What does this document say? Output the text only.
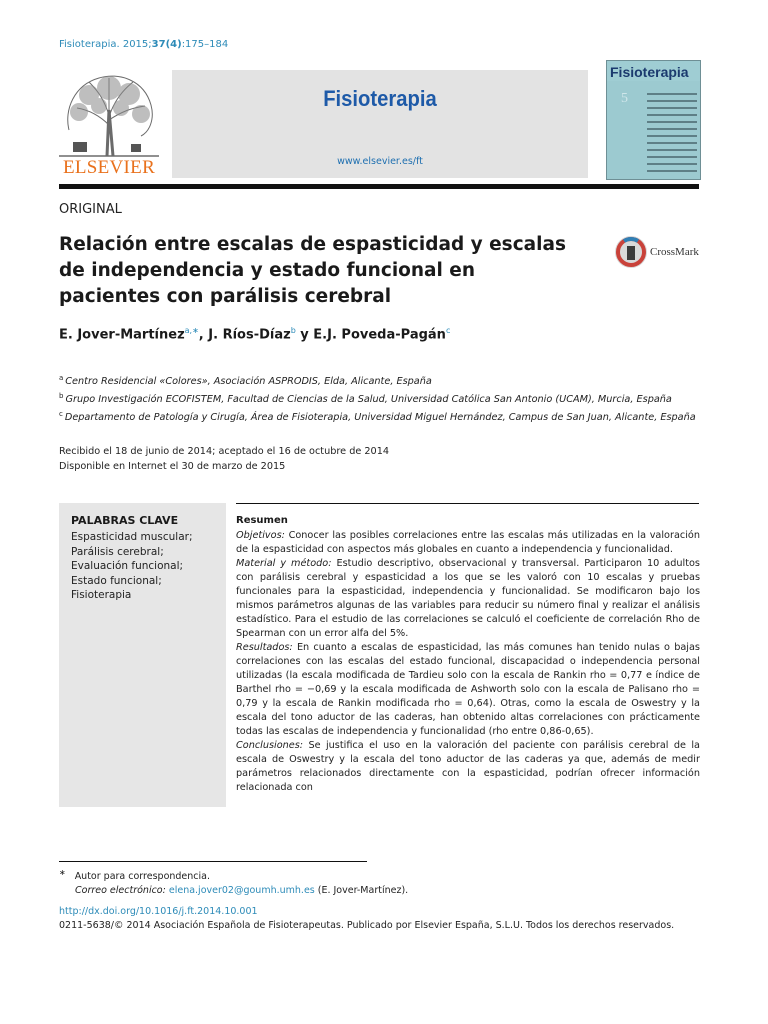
Fisioterapia. 2015;37(4):175–184
ELSEVIER
Fisioterapia
www.elsevier.es/ft
Fisioterapia
5
ORIGINAL
Relación entre escalas de espasticidad y escalas de independencia y estado funcional en pacientes con parálisis cerebral
CrossMark
E. Jover-Martínez$^{a,∗}$, J. Ríos-Díaz$^b$ y E.J. Poveda-Pagán$^c$
$^a$ Centro Residencial «Colores», Asociación ASPRODIS, Elda, Alicante, España
$^b$ Grupo Investigación ECOFISTEM, Facultad de Ciencias de la Salud, Universidad Católica San Antonio (UCAM), Murcia, España
$^c$ Departamento de Patología y Cirugía, Área de Fisioterapia, Universidad Miguel Hernández, Campus de San Juan, Alicante, España
Recibido el 18 de junio de 2014; aceptado el 16 de octubre de 2014
Disponible en Internet el 30 de marzo de 2015
PALABRAS CLAVE
Espasticidad muscular;
Parálisis cerebral;
Evaluación funcional;
Estado funcional;
Fisioterapia
Resumen

Objetivos: Conocer las posibles correlaciones entre las escalas más utilizadas en la valoración de la espasticidad con aspectos más globales en cuanto a independencia y funcionalidad.

Material y método: Estudio descriptivo, observacional y transversal. Participaron 10 adultos con parálisis cerebral y espasticidad a los que se les valoró con 10 escalas y pruebas funcionales para la espasticidad, independencia y funcionalidad. Se modificaron bajo los mismos parámetros algunas de las variables para reducir su número final y realizar el análisis estadístico. Para el estudio de las correlaciones se calculó el coeficiente de correlación Rho de Spearman con un error alfa del 5%.

Resultados: En cuanto a escalas de espasticidad, las más comunes han tenido nulas o bajas correlaciones con las escalas del estado funcional, discapacidad o independencia personal utilizadas (la escala modificada de Tardieu solo con la escala de Rankin rho = 0,77 e índice de Barthel rho = −0,69 y la escala modificada de Ashworth solo con la escala de Palisano rho = 0,79 y la escala de Rankin modificada rho = 0,64). Otras, como la escala de Oswestry y la escala del tono aductor de las caderas, han obtenido altas correlaciones con prácticamente todas las escalas de independencia y funcionalidad (rho entre 0,86-0,65).

Conclusiones: Se justifica el uso en la valoración del paciente con parálisis cerebral de la escala de Oswestry y la escala del tono aductor de las caderas ya que, además de medir parámetros relacionados directamente con la espasticidad, podrían ofrecer información relacionada con

∗ Autor para correspondencia.
Correo electrónico: elena.jover02@goumh.umh.es (E. Jover-Martínez).
http://dx.doi.org/10.1016/j.ft.2014.10.001
0211-5638/© 2014 Asociación Española de Fisioterapeutas. Publicado por Elsevier España, S.L.U. Todos los derechos reservados.
